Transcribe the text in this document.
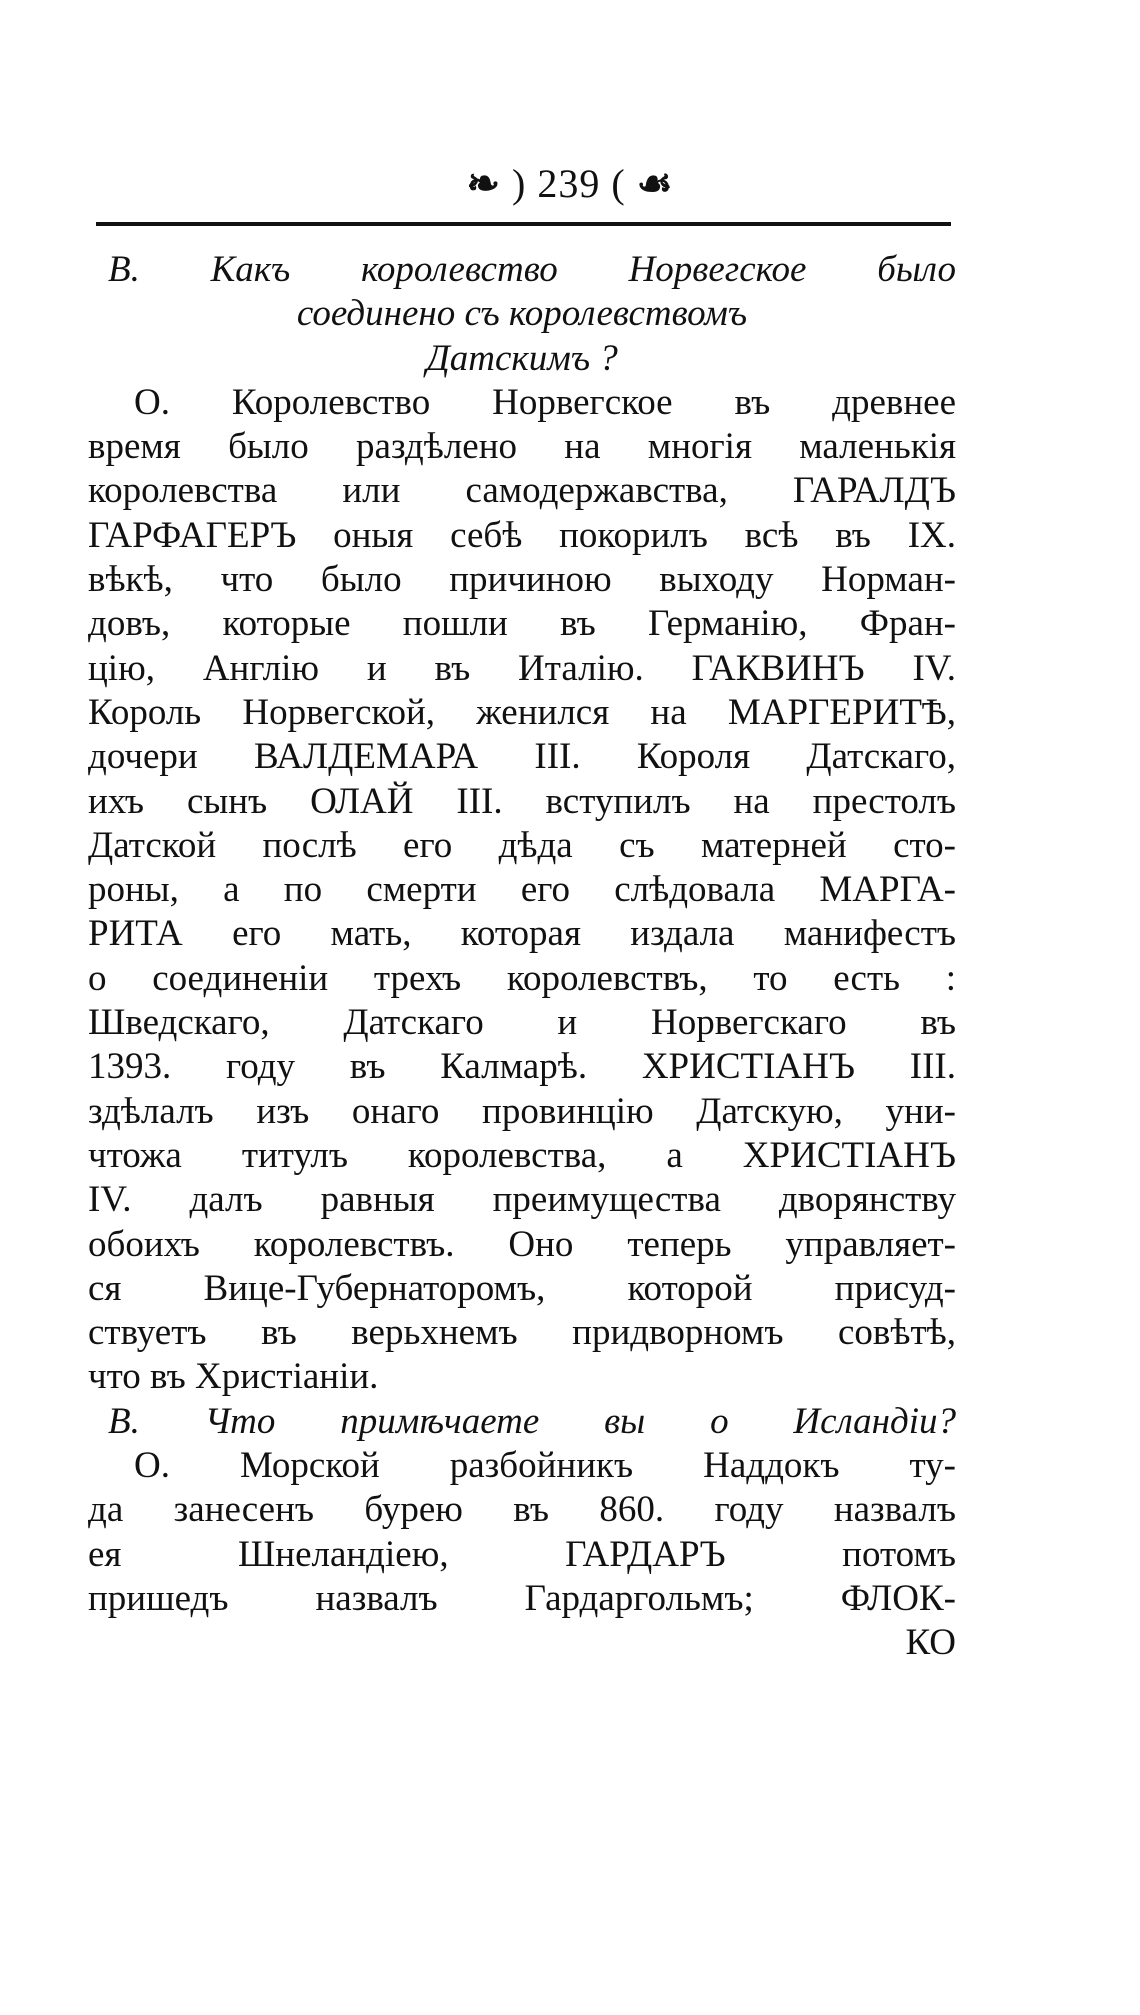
❧ ) 239 ( ☙
В. Какъ королевство Норвегское было
соединено съ королевствомъ
Датскимъ ?
О. Королевство Норвегское въ древнее
время было раздѣлено на многія маленькія
королевства или самодержавства, ГАРАЛДЪ
ГАРФАГЕРЪ оныя себѣ покорилъ всѣ въ IX.
вѣкѣ, что было причиною выходу Норман-
довъ, которые пошли въ Германію, Фран-
цію, Англію и въ Италію. ГАКВИНЪ IV.
Король Норвегской, женился на МАРГЕРИТѢ,
дочери ВАЛДЕМАРА III. Короля Датскаго,
ихъ сынъ ОЛАЙ III. вступилъ на престолъ
Датской послѣ его дѣда съ матерней сто-
роны, а по смерти его слѣдовала МАРГА-
РИТА его мать, которая издала манифестъ
о соединеніи трехъ королевствъ, то есть :
Шведскаго, Датскаго и Норвегскаго въ
1393. году въ Калмарѣ. ХРИСТІАНЪ III.
здѣлалъ изъ онаго провинцію Датскую, уни-
чтожа титулъ королевства, а ХРИСТІАНЪ
IV. далъ равныя преимущества дворянству
обоихъ королевствъ. Оно теперь управляет-
ся Вице-Губернаторомъ, которой присуд-
ствуетъ въ верьхнемъ придворномъ совѣтѣ,
что въ Христіаніи.
В. Что примѣчаете вы о Исландіи?
О. Морской разбойникъ Наддокъ ту-
да занесенъ бурею въ 860. году назвалъ
ея Шнеландіею, ГАРДАРЪ потомъ
пришедъ назвалъ Гардаргольмъ; ФЛОК-
КО
